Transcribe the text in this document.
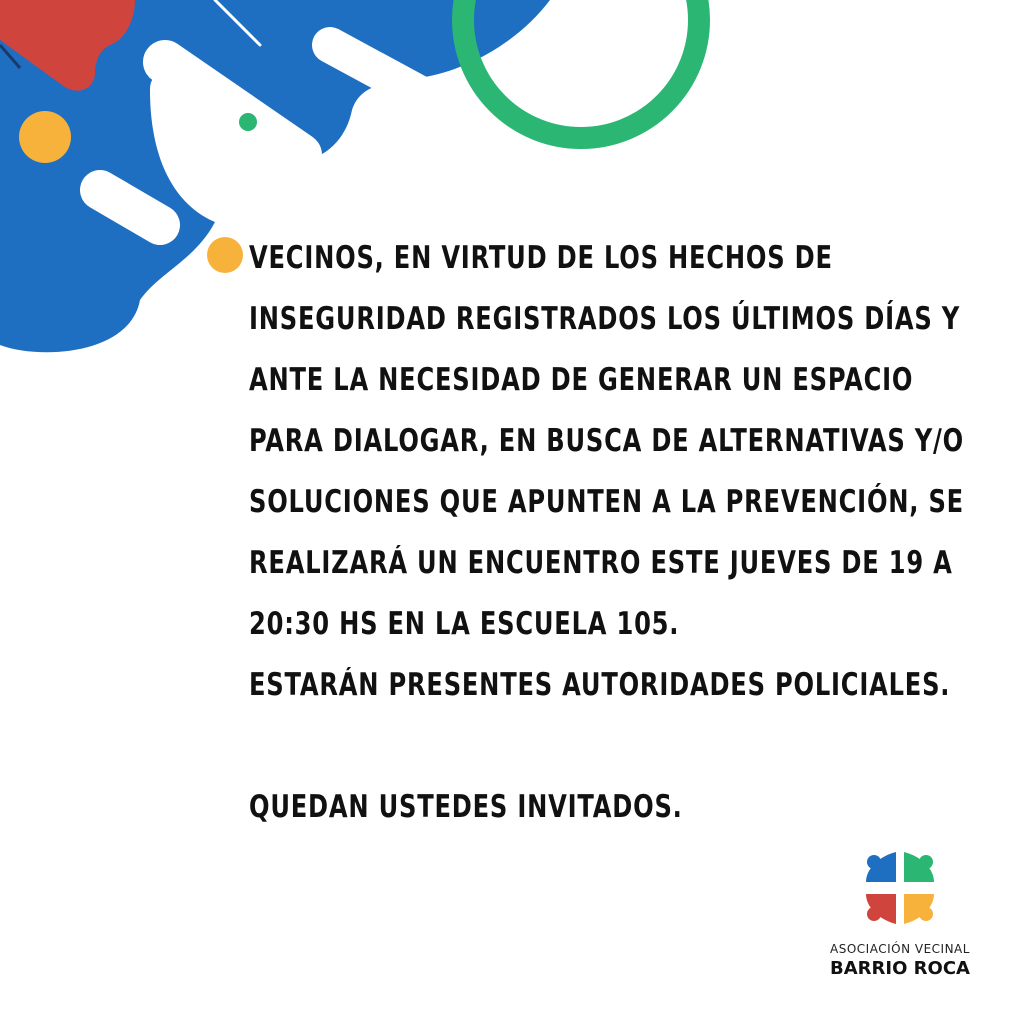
VECINOS, EN VIRTUD DE LOS HECHOS DE

INSEGURIDAD REGISTRADOS LOS ÚLTIMOS DÍAS Y

ANTE LA NECESIDAD DE GENERAR UN ESPACIO

PARA DIALOGAR, EN BUSCA DE ALTERNATIVAS Y/O

SOLUCIONES QUE APUNTEN A LA PREVENCIÓN, SE

REALIZARÁ UN ENCUENTRO ESTE JUEVES DE 19 A

20:30 HS EN LA ESCUELA 105.

ESTARÁN PRESENTES AUTORIDADES POLICIALES.

QUEDAN USTEDES INVITADOS.

ASOCIACIÓN VECINAL
BARRIO ROCA
